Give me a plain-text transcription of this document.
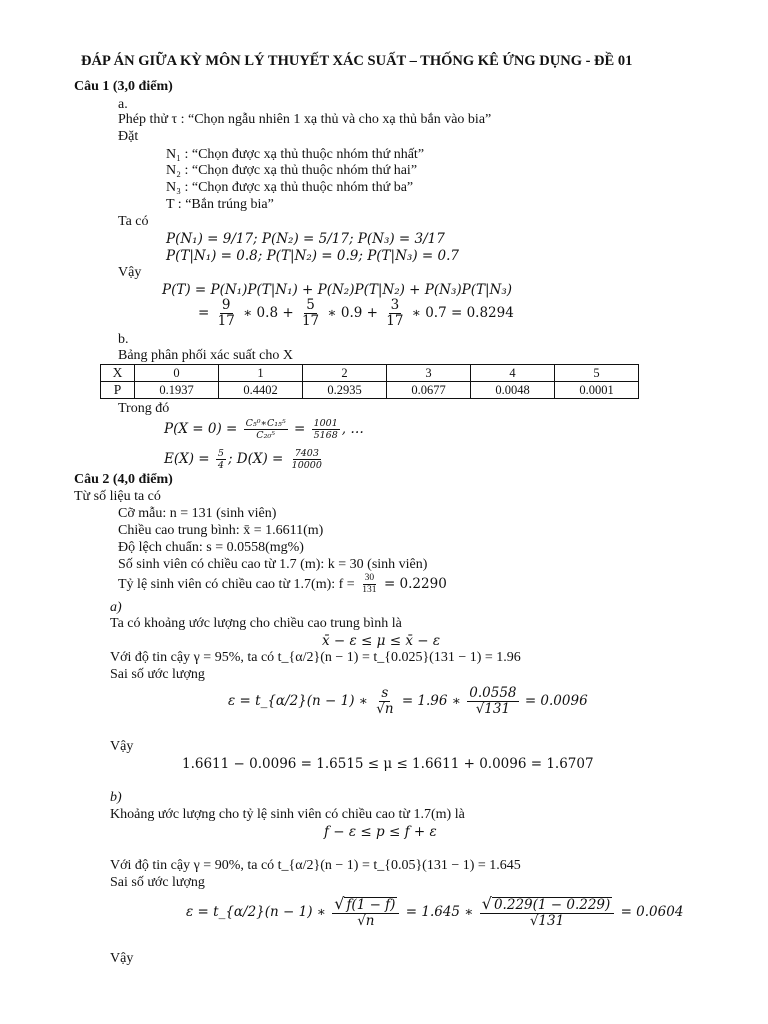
ĐÁP ÁN GIỮA KỲ MÔN LÝ THUYẾT XÁC SUẤT – THỐNG KÊ ỨNG DỤNG - ĐỀ 01
Câu 1 (3,0 điểm)
a.
Phép thử τ : “Chọn ngẫu nhiên 1 xạ thủ và cho xạ thủ bắn vào bia”
Đặt
N₁ : “Chọn được xạ thủ thuộc nhóm thứ nhất”
N₂ : “Chọn được xạ thủ thuộc nhóm thứ hai”
N₃ : “Chọn được xạ thủ thuộc nhóm thứ ba”
T : “Bắn trúng bia”
Ta có
P(N₁) = 9/17; P(N₂) = 5/17; P(N₃) = 3/17
P(T|N₁) = 0.8; P(T|N₂) = 0.9; P(T|N₃) = 0.7
Vậy
P(T) = P(N₁)P(T|N₁) + P(N₂)P(T|N₂) + P(N₃)P(T|N₃)
= $\frac{9}{17}$ ∗ $0.8 + \frac{5}{17}$ ∗ $0.9 + \frac{3}{17}$ ∗ 0.7 = 0.8294
b.
Bảng phân phối xác suất cho X
X	0	1	2	3	4	5
P	0.1937	0.4402	0.2935	0.0677	0.0048	0.0001
Trong đó
$P(X = 0) = \frac{\text{C₅⁰∗C₁₅⁵}}{\text{C₂₀⁵}} = \frac{1001}{5168}$ , …
$E(X) = \frac{5}{4}$ ; $D(X) = \frac{7403}{10000}$
Câu 2 (4,0 điểm)
Từ số liệu ta có
Cỡ mẫu: n = 131 (sinh viên)
Chiều cao trung bình: x̄ = 1.6611(m)
Độ lệch chuẩn: s = 0.0558(mg%)
Số sinh viên có chiều cao từ 1.7 (m): k = 30 (sinh viên)
Tỷ lệ sinh viên có chiều cao từ 1.7(m): $f = \frac{30}{131} = 0.2290$
a)
Ta có khoảng ước lượng cho chiều cao trung bình là
x̄ − ε ≤ μ ≤ x̄ − ε
Với độ tin cậy γ = 95%, ta có t_{α/2}(n − 1) = t_{0.025}(131 − 1) = 1.96
Sai số ước lượng
ε = t_{α/2}(n − 1) ∗ $\frac{s}{√n} = 1.96$ ∗ $\frac{0.0558}{√131} = 0.0096$
Vậy
1.6611 − 0.0096 = 1.6515 ≤ μ ≤ 1.6611 + 0.0096 = 1.6707
b)
Khoảng ước lượng cho tỷ lệ sinh viên có chiều cao từ 1.7(m) là
f − ε ≤ p ≤ f + ε
Với độ tin cậy γ = 90%, ta có t_{α/2}(n − 1) = t_{0.05}(131 − 1) = 1.645
Sai số ước lượng
ε = t_{α/2}(n − 1) ∗ $\frac{√ f(1 - f)}{√n} = 1.645$ ∗ $\frac{√ 0.229(1 - 0.229)}{√131} = 0.0604$
Vậy
